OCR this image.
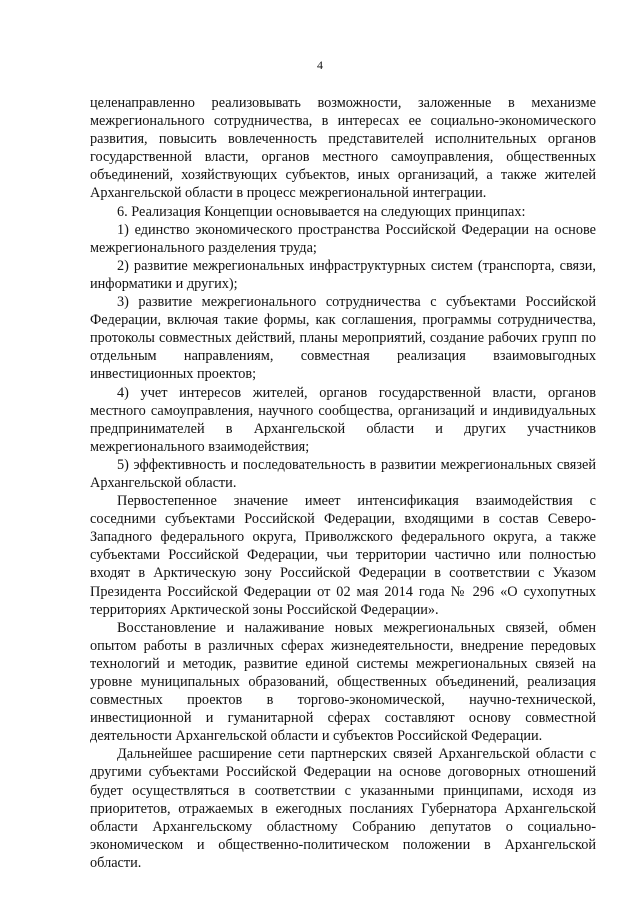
4

целенаправленно реализовывать возможности, заложенные в механизме межрегионального сотрудничества, в интересах ее социально-экономического развития, повысить вовлеченность представителей исполнительных органов государственной власти, органов местного самоуправления, общественных объединений, хозяйствующих субъектов, иных организаций, а также жителей Архангельской области в процесс межрегиональной интеграции.

6. Реализация Концепции основывается на следующих принципах:

1) единство экономического пространства Российской Федерации на основе межрегионального разделения труда;

2) развитие межрегиональных инфраструктурных систем (транспорта, связи, информатики и других);

3) развитие межрегионального сотрудничества с субъектами Российской Федерации, включая такие формы, как соглашения, программы сотрудничества, протоколы совместных действий, планы мероприятий, создание рабочих групп по отдельным направлениям, совместная реализация взаимовыгодных инвестиционных проектов;

4) учет интересов жителей, органов государственной власти, органов местного самоуправления, научного сообщества, организаций и индивидуальных предпринимателей в Архангельской области и других участников межрегионального взаимодействия;

5) эффективность и последовательность в развитии межрегиональных связей Архангельской области.

Первостепенное значение имеет интенсификация взаимодействия с соседними субъектами Российской Федерации, входящими в состав Северо-Западного федерального округа, Приволжского федерального округа, а также субъектами Российской Федерации, чьи территории частично или полностью входят в Арктическую зону Российской Федерации в соответствии с Указом Президента Российской Федерации от 02 мая 2014 года № 296 «О сухопутных территориях Арктической зоны Российской Федерации».

Восстановление и налаживание новых межрегиональных связей, обмен опытом работы в различных сферах жизнедеятельности, внедрение передовых технологий и методик, развитие единой системы межрегиональных связей на уровне муниципальных образований, общественных объединений, реализация совместных проектов в торгово-экономической, научно-технической, инвестиционной и гуманитарной сферах составляют основу совместной деятельности Архангельской области и субъектов Российской Федерации.

Дальнейшее расширение сети партнерских связей Архангельской области с другими субъектами Российской Федерации на основе договорных отношений будет осуществляться в соответствии с указанными принципами, исходя из приоритетов, отражаемых в ежегодных посланиях Губернатора Архангельской области Архангельскому областному Собранию депутатов о социально-экономическом и общественно-политическом положении в Архангельской области.
